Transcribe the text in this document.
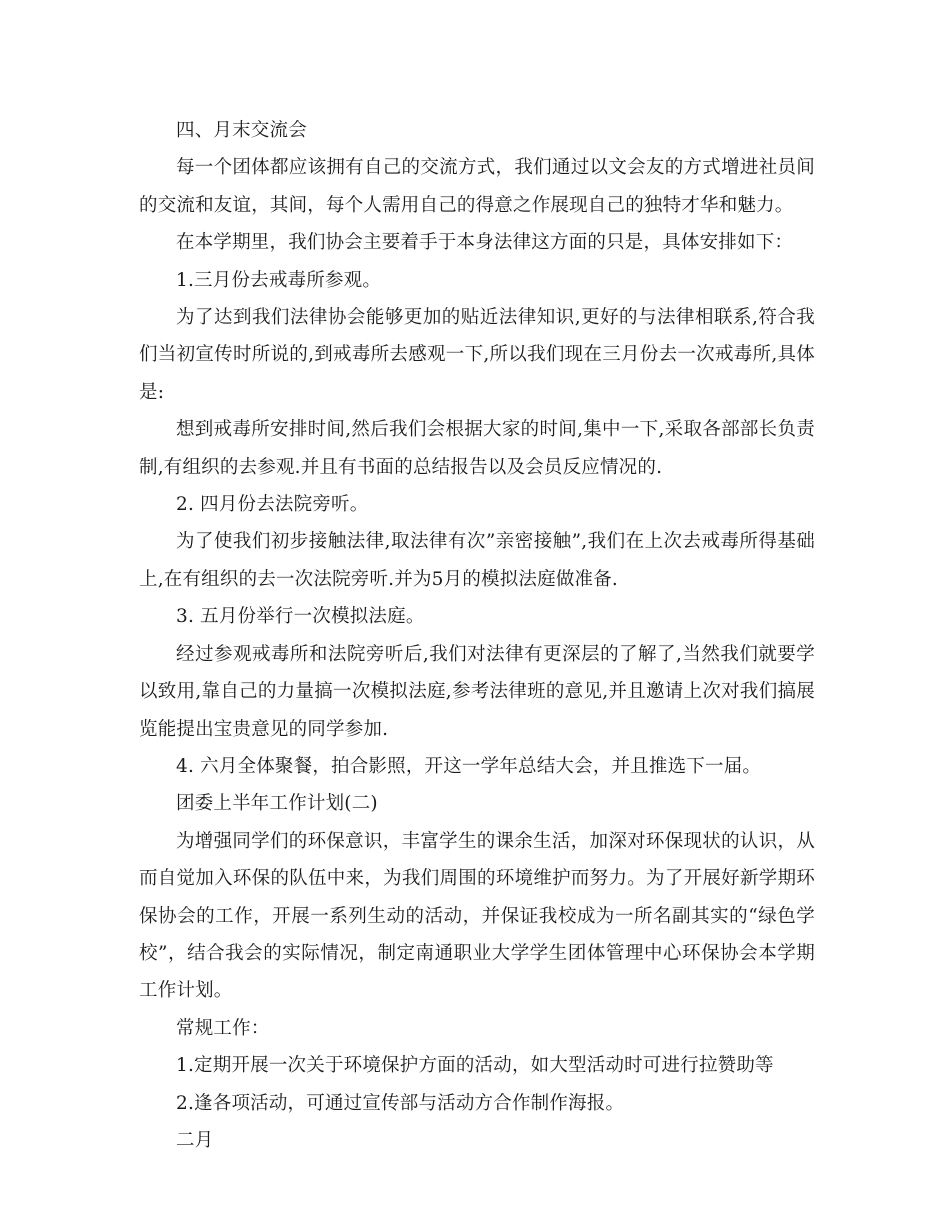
四、月末交流会

每一个团体都应该拥有自己的交流方式，我们通过以文会友的方式增进社员间的交流和友谊，其间，每个人需用自己的得意之作展现自己的独特才华和魅力。

在本学期里，我们协会主要着手于本身法律这方面的只是，具体安排如下：

1.三月份去戒毒所参观。

为了达到我们法律协会能够更加的贴近法律知识,更好的与法律相联系,符合我们当初宣传时所说的,到戒毒所去感观一下,所以我们现在三月份去一次戒毒所,具体是:

想到戒毒所安排时间,然后我们会根据大家的时间,集中一下,采取各部部长负责制,有组织的去参观.并且有书面的总结报告以及会员反应情况的.

2. 四月份去法院旁听。

为了使我们初步接触法律,取法律有次”亲密接触”,我们在上次去戒毒所得基础上,在有组织的去一次法院旁听.并为5月的模拟法庭做准备.

3. 五月份举行一次模拟法庭。

经过参观戒毒所和法院旁听后,我们对法律有更深层的了解了,当然我们就要学以致用,靠自己的力量搞一次模拟法庭,参考法律班的意见,并且邀请上次对我们搞展览能提出宝贵意见的同学参加.

4. 六月全体聚餐，拍合影照，开这一学年总结大会，并且推选下一届。

团委上半年工作计划(二)

为增强同学们的环保意识，丰富学生的课余生活，加深对环保现状的认识，从而自觉加入环保的队伍中来，为我们周围的环境维护而努力。为了开展好新学期环保协会的工作，开展一系列生动的活动，并保证我校成为一所名副其实的“绿色学校”，结合我会的实际情况，制定南通职业大学学生团体管理中心环保协会本学期工作计划。

常规工作：

1.定期开展一次关于环境保护方面的活动，如大型活动时可进行拉赞助等

2.逢各项活动，可通过宣传部与活动方合作制作海报。

二月
